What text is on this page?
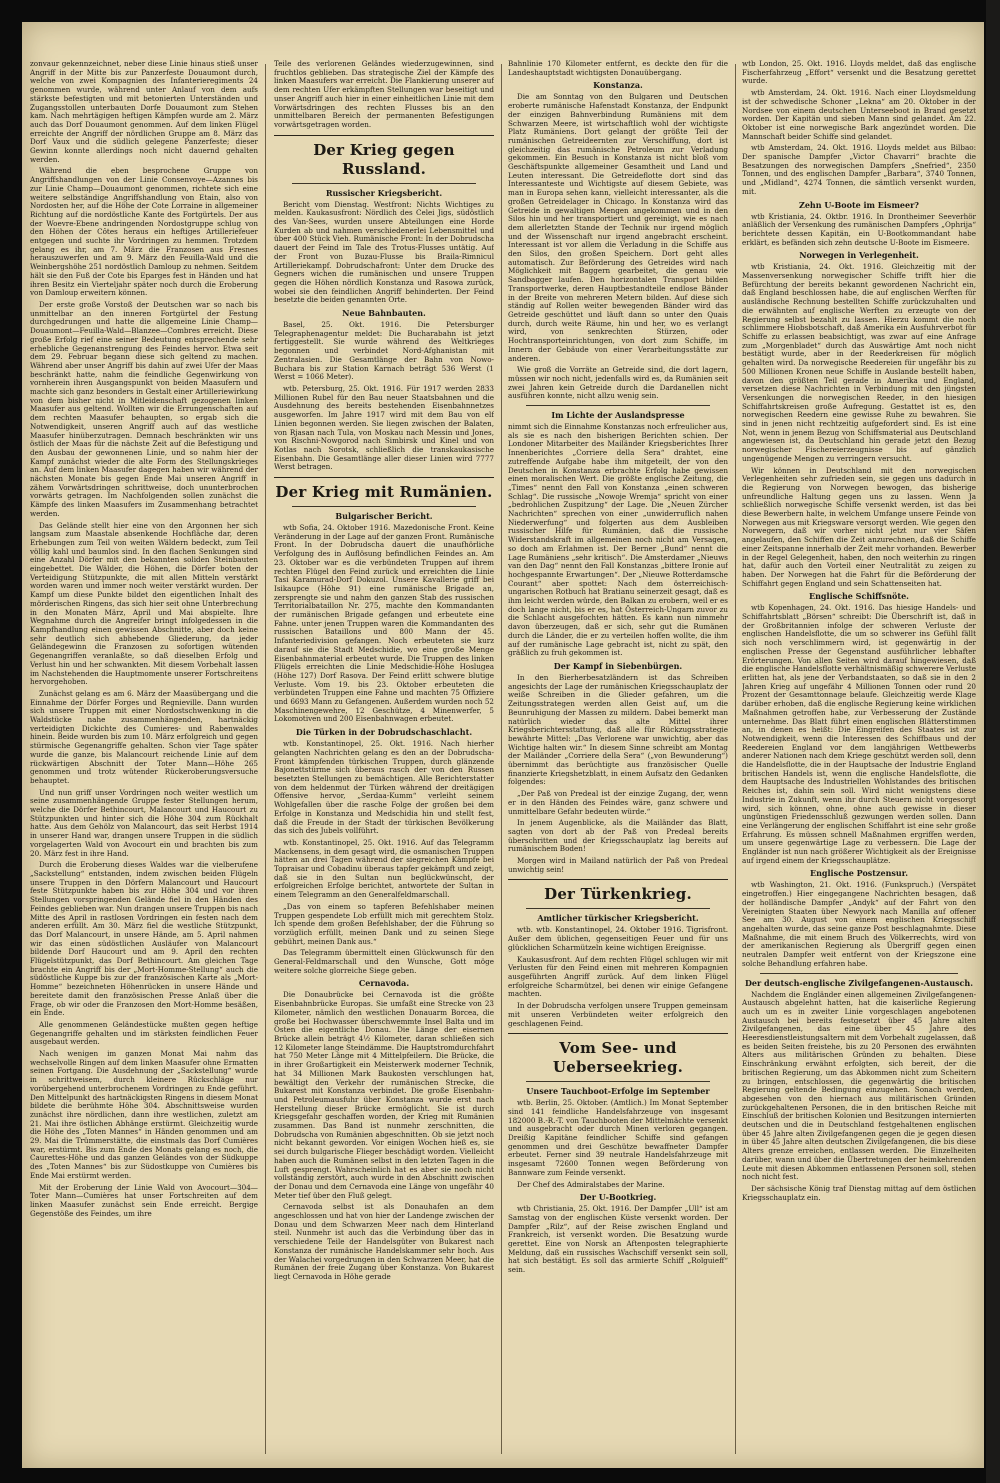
zonvaur gekennzeichnet, neber diese Linie hinaus stieß unser Angriff in der Mitte bis zur Panzerfeste Douaumont durch, welche von zwei Kompagnien des Infanterieregiments 24 genommen wurde, während unter Anlauf von dem aufs stärkste befestigten und mit betonierten Unterständen und Zugangsstollen unterbauten Dorfe Douaumont zum Stehen kam. Nach mehrtägigen heftigen Kämpfen wurde am 2. März auch das Dorf Douaumont genommen. Auf dem linken Flügel erreichte der Angriff der nördlichen Gruppe am 8. März das Dorf Vaux und die südlich gelegene Panzerfeste; dieser Gewinn konnte allerdings noch nicht dauernd gehalten werden.

Während die eben besprochene Gruppe von Angriffshandlungen von der Linie Consenvoye—Azannes bis zur Linie Champ—Douaumont genommen, richtete sich eine weitere selbständige Angriffshandlung von Etain, also von Nordosten her, auf die Höhe der Cote Lorraine in allgemeiner Richtung auf die nordöstliche Kante des Fortgürtels. Der aus der Woevre-Ebene andringenden Nordostgruppe schlug von den Höhen der Côtes heraus ein heftiges Artilleriefeuer entgegen und suchte ihr Vordringen zu hemmen. Trotzdem gelang es ihr, am 7. März die Franzosen aus Fresnes herauszuwerfen und am 9. März den Feuilla-Wald und die Weinbergshöhe 251 nordöstlich Damloup zu nehmen. Seitdem hält sie den Fuß der Cote bis Eparges fest in Händen und hat ihren Besitz ein Vierteljahr später noch durch die Eroberung von Damloup erweitern können.

Der erste große Vorstoß der Deutschen war so nach bis unmittelbar an den inneren Fortgürtel der Festung durchgedrungen und hatte die allgemeine Linie Champ—Douaumont—Feuilla-Wald—Blanzee—Combres erreicht. Diese große Erfolg rief eine seiner Bedeutung entsprechende sehr erhebliche Gegenanstrengung des Feindes hervor. Etwa seit dem 29. Februar begann diese sich geltend zu machen. Während aber unser Angriff bis dahin auf zwei Ufer der Maas beschränkt hatte, nahm die feindliche Gegenwirkung von vornherein ihren Ausgangspunkt von beiden Maasufern und machte sich ganz besonders in Gestalt einer Artilleriewirkung von dem bisher nicht in Mitleidenschaft gezogenen linken Maasufer aus geltend. Wollten wir die Errungenschaften auf dem rechten Maasufer behaupten, so ergab sich die Notwendigkeit, unseren Angriff auch auf das westliche Maasufer hinüberzutragen. Demnach beschränkten wir uns östlich der Maas für die nächste Zeit auf die Befestigung und den Ausbau der gewonnenen Linie, und so nahm hier der Kampf zunächst wieder die alte Form des Stellungskrieges an. Auf dem linken Maasufer dagegen haben wir während der nächsten Monate bis gegen Ende Mai unseren Angriff in zähem Vorwärtsdringen schrittweise, doch ununterbrochen vorwärts getragen. Im Nachfolgenden sollen zunächst die Kämpfe des linken Maasufers im Zusammenhang betrachtet werden.

Das Gelände stellt hier eine von den Argonnen her sich langsam zum Maastale absenkende Hochfläche dar, deren Erhebungen zum Teil von weiten Wäldern bedeckt, zum Teil völlig kahl und baumlos sind. In den flachen Senkungen sind eine Anzahl Dörfer mit den bekannten soliden Steinbauten eingebettet. Die Wälder, die Höhen, die Dörfer boten der Verteidigung Stützpunkte, die mit allen Mitteln verstärkt worden waren und immer noch weiter verstärkt wurden. Der Kampf um diese Punkte bildet den eigentlichen Inhalt des mörderischen Ringens, das sich hier seit ohne Unterbrechung in den Monaten März, April und Mai abspielte. Ihre Wegnahme durch die Angreifer bringt infolgedessen in die Kampfhandlung einen gewissen Abschnitte, aber doch keine sehr deutlich sich abhebende Gliederung, da jeder Geländegewinn die Franzosen zu sofortigen wütenden Gegenangriffen veranlaßte, so daß dieselben Erfolg und Verlust hin und her schwankten. Mit diesem Vorbehalt lassen im Nachstehenden die Hauptmomente unserer Fortschreitens hervorgehoben.

Zunächst gelang es am 6. März der Maasübergang und die Einnahme der Dörfer Forges und Regnieville. Dann wurden sich unsere Truppen mit einer Nordostschwenkung in die Waldstücke nahe zusammenhängenden, hartnäckig verteidigten Dickichte des Cumieres- und Rabenwaldes hinein. Beide wurden bis zum 10. März erfolgreich und gegen stürmische Gegenangriffe gehalten. Schon vier Tage später wurde die ganze, bis Malancourt reichende Linie auf dem rückwärtigen Abschnitt der Toter Mann—Höhe 265 genommen und trotz wütender Rückeroberungsversuche behauptet.

Und nun griff unser Vordringen noch weiter westlich um seine zusammenhängende Gruppe fester Stellungen herum, welche die Dörfer Bethincourt, Malancourt und Haucourt zu Stützpunkten und hinter sich die Höhe 304 zum Rückhalt hatte. Aus dem Gehölz von Malancourt, das seit Herbst 1914 in unserer Hand war, drangen unsere Truppen in die südlich vorgelagerten Wald von Avocourt ein und brachten bis zum 20. März fest in ihre Hand.

Durch die Eroberung dieses Waldes war die vielberufene „Sackstellung“ entstanden, indem zwischen beiden Flügeln unsere Truppen in den Dörfern Malancourt und Haucourt feste Stützpunkte haben bis zur Höhe 304 und vor ihren Stellungen vorspringenden Gelände fiel in den Händen des Feindes geblieben war. Nun drangen unsere Truppen bis nach Mitte des April in rastlosen Vordringen ein festen nach dem anderen erfüllt. Am 30. März fiel die westliche Stützpunkt, das Dorf Malancourt, in unsere Hände, am 5. April nahmen wir das einen südöstlichen Ausläufer von Malancourt bildende Dorf Haucourt und am 9. April den rechten Flügelstützpunkt, das Dorf Bethincourt. Am gleichen Tage brachte ein Angriff bis der „Mort-Homme-Stellung“ auch die südöstliche Kuppe bis zur der französischen Karte als „Mort-Homme“ bezeichneten Höhenrücken in unsere Hände und bereitete damit den französischen Presse Anlaß über die Frage, ob wir oder die Franzosen den Mort-Homme besäßen, ein Ende.

Alle genommenen Geländestücke mußten gegen heftige Gegenangriffe gehalten und im stärksten feindlichen Feuer ausgebaut werden.

Nach wenigen im ganzen Monat Mai nahm das wechselvolle Ringen auf dem linken Maasufer ohne Ermatten seinen Fortgang. Die Ausdehnung der „Sackstellung“ wurde in schrittweisem, durch kleinere Rückschläge nur vorübergehend unterbrochenem Vordringen zu Ende geführt. Den Mittelpunkt des hartnäckigsten Ringens in diesem Monat bildete die berühmte Höhe 304. Abschnittsweise wurden zunächst ihre nördlichen, dann ihre westlichen, zuletzt am 21. Mai ihre östlichen Abhänge erstürmt. Gleichzeitig wurde die Höhe des „Toten Mannes“ in Händen genommen und am 29. Mai die Trümmerstätte, die einstmals das Dorf Cumières war, erstürmt. Bis zum Ende des Monats gelang es noch, die Caurettes-Höhe und das ganzen Geländes von der Südkuppe des „Toten Mannes“ bis zur Südostkuppe von Cumières bis Ende Mai erstürmt werden.

Mit der Eroberung der Linie Wald von Avocourt—304—Toter Mann—Cumières hat unser Fortschreiten auf dem linken Maasufer zunächst sein Ende erreicht. Bergige Gegenstöße des Feindes, um ihre

Teile des verlorenen Geländes wiederzugewinnen, sind fruchtlos geblieben. Das strategische Ziel der Kämpfe des linken Maasufers war erreicht. Die Flankierung unserer auf dem rechten Ufer erkämpften Stellungen war beseitigt und unser Angriff auch hier in einer einheitlichen Linie mit dem Vorwärtsdringen des rechten Flusses bis an den unmittelbaren Bereich der permanenten Befestigungen vorwärtsgetragen worden.

Der Krieg gegen Russland.
Russischer Kriegsbericht.

Bericht vom Dienstag. Westfront: Nichts Wichtiges zu melden. Kaukasusfront: Nördlich des Celei Jigs, südöstlich des Van-Sees, wurden unsere Abteilungen eine Horde Kurden ab und nahmen verschiedenerlei Lebensmittel und über 400 Stück Vieh. Rumänische Front: In der Dobrudscha dauert der Feind im Tale des Trotus-Flusses untätig. Auf der Front von Buzau-Flusse bis Braila-Rimnicul Artilleriekampf. Dobrudschafront: Unter dem Drucke des Gegners wichen die rumänischen und unsere Truppen gegen die Höhen nördlich Konstanza und Rasowa zurück, wobei sie den feindlichen Angriff behinderten. Der Feind besetzte die beiden genannten Orte.

Neue Bahnbauten.

Basel, 25. Okt. 1916. Die Petersburger Telegraphenagentur meldet: Die Bucharabahn ist jetzt fertiggestellt. Sie wurde während des Weltkrieges begonnen und verbindet Nord-Afghanistan mit Zentralasien. Die Gesamtlänge der Bahn von Nowo-Buchara bis zur Station Karnach beträgt 536 Werst (1 Werst = 1066 Meter).

wtb. Petersburg, 25. Okt. 1916. Für 1917 werden 2833 Millionen Rubel für den Bau neuer Staatsbahnen und die Ausdehnung des bereits bestehenden Eisenbahnnetzes ausgeworfen. Im Jahre 1917 wird mit dem Bau von elf Linien begonnen werden. Sie liegen zwischen der Balaten, von Rjasan nach Tula, von Moskau nach Messin und Jones, von Rischni-Nowgorod nach Simbirsk und Kinel und von Kotlas nach Sorotsk, schließlich die transkaukasische Eisenbahn. Die Gesamtlänge aller dieser Linien wird 7777 Werst betragen.

Der Krieg mit Rumänien.
Bulgarischer Bericht.

wtb Sofia, 24. Oktober 1916. Mazedonische Front. Keine Veränderung in der Lage auf der ganzen Front. Rumänische Front. In der Dobrudscha dauert die unaufhörliche Verfolgung des in Auflösung befindlichen Feindes an. Am 23. Oktober war es die verbündeten Truppen auf ihrem rechten Flügel den Feind zurück und erreichten die Linie Tasi Karamurad-Dorf Dokuzol. Unsere Kavallerie griff bei Isikaupce (Höhe 91) eine rumänische Brigade an, zersprengte sie und nahm den ganzen Stab des russischen Territorialbataillon Nr. 275, machte den Kommandanten der rumänischen Brigade gefangen und erbeutete eine Fahne. unter jenen Truppen waren die Kommandanten des russischen Bataillons und 800 Mann der 45. Infanteriedivision gefangen. Noch erbeuteten sie kurz darauf sie die Stadt Medschidie, wo eine große Menge Eisenbahnmaterial erbeutet wurde. Die Truppen des linken Flügels erreichten die Linie Medschidie-Höhe Hoslugea (Höhe 127) Dorf Rasova. Der Feind erlitt schwere blutige Verluste. Vom 19. bis 23. Oktober erbeuteten die verbündeten Truppen eine Fahne und machten 75 Offiziere und 6693 Mann zu Gefangenen. Außerdem wurden noch 52 Maschinengewehre, 12 Geschütze, 4 Minenwerfer, 5 Lokomotiven und 200 Eisenbahnwagen erbeutet.

Die Türken in der Dobrudschaschlacht.

wtb. Konstantinopel, 25. Okt. 1916. Nach hierher gelangten Nachrichten gelang es den an der Dobrudscha-Front kämpfenden türkischen Truppen, durch glänzende Bajonettstürme sich überaus rasch der von den Russen besetzten Stellungen zu bemächtigen. Alle Berichterstatter von dem heldenmut der Türken während der dreitägigen Offensive hervor, „Serdaa-Kumm“ verleiht seinem Wohlgefallen über die rasche Folge der großen bei dem Erfolge in Konstanza und Medschidia hin und stellt fest, daß die Freude in der Stadt der türkischen Bevölkerung das sich des Jubels vollführt.

wtb. Konstantinopel, 25. Okt. 1916. Auf das Telegramm Mackensens, in dem gesagt wird, die osmanischen Truppen hätten an drei Tagen während der siegreichen Kämpfe bei Topraisar und Cobadinu überaus tapfer gekämpft und zeigt, daß sie in den Sultan nun beglückwünscht, der erfolgreichen Erfolge berichtet, antwortete der Sultan in einem Telegramm an den Generalfeldmarschall.

„Das von einem so tapferen Befehlshaber meinen Truppen gespendete Lob erfüllt mich mit gerechtem Stolz. Ich spende dem großen Befehlshaber, der die Führung so vorzüglich erfüllt, meinen Dank und zu seinen Siege gebührt, meinen Dank aus.“

Das Telegramm übermittelt einen Glückwunsch für den General-Feldmarschall und den Wunsche, Gott möge weitere solche glorreiche Siege geben.

Cernavoda.

Die Donaubrücke bei Cernavoda ist die größte Eisenbahnbrücke Europas. Sie umfaßt eine Strecke von 23 Kilometer, nämlich den westlichen Donauarm Borcea, die große bei Hochwasser überschwemmte Insel Balta und im Osten die eigentliche Donau. Die Länge der eisernen Brücke allein beträgt 4½ Kilometer, daran schließen sich 12 Kilometer lange Steindämme. Die Hauptstromdurchfahrt hat 750 Meter Länge mit 4 Mittelpfeilern. Die Brücke, die in ihrer Großartigkeit ein Meisterwerk moderner Technik, hat 34 Millionen Mark Baukosten verschlungen hat, bewältigt den Verkehr der rumänischen Strecke, die Bukarest mit Konstanza verbindet. Die große Eisenbahn- und Petroleumausfuhr über Konstanza wurde erst nach Herstellung dieser Brücke ermöglicht. Sie ist durch Kriegsgefahr geschaffen worden, der Krieg mit Rumänien zusammen. Das Band ist nunmehr zerschnitten, die Dobrudscha von Rumänien abgeschnitten. Ob sie jetzt noch nicht bekannt geworden. Vor einigen Wochen hieß es, sie sei durch bulgarische Flieger beschädigt worden. Vielleicht haben auch die Rumänen selbst in den letzten Tagen in die Luft gesprengt. Wahrscheinlich hat es aber sie noch nicht vollständig zerstört, auch wurde in den Abschnitt zwischen der Donau und dem Cernavoda eine Länge von ungefähr 40 Meter tief über den Fluß gelegt.

Cernavoda selbst ist als Donauhafen an dem angeschlossen und hat von hier der Landenge zwischen der Donau und dem Schwarzen Meer nach dem Hinterland steil. Nunmehr ist auch das die Verbindung über das in verschiedene Teile der Handelsgüter von Bukarest nach Konstanza der rumänische Handelskammer sehr hoch. Aus der Walachei vorgedrungen in den Schwarzen Meer, hat die Rumänen der freie Zugang über Konstanza. Von Bukarest liegt Cernavoda in Höhe gerade

Bahnlinie 170 Kilometer entfernt, es deckte den für die Landeshauptstadt wichtigsten Donauübergang.

Konstanza.

Die am Sonntag von den Bulgaren und Deutschen eroberte rumänische Hafenstadt Konstanza, der Endpunkt der einzigen Bahnverbindung Rumäniens mit dem Schwarzen Meere, ist wirtschaftlich wohl der wichtigste Platz Rumäniens. Dort gelangt der größte Teil der rumänischen Getreideernten zur Verschiffung, dort ist gleichzeitig das rumänische Petroleum zur Verladung gekommen. Ein Besuch in Konstanza ist nicht bloß vom Geschäftspunkte allgemeiner Gesamtheit und Land und Leuten interessant. Die Getreideflotte dort sind das Interessanteste und Wichtigste auf diesem Gebiete, was man in Europa sehen kann, vielleicht interessanter, als die großen Getreidelager in Chicago. In Konstanza wird das Getreide in gewaltigen Mengen angekommen und in den Silos hin und her transportiert und gereinigt, wie es nach dem allerletzten Stande der Technik nur irgend möglich und der Wissenschaft nur irgend angebracht erscheint. Interessant ist vor allem die Verladung in die Schiffe aus den Silos, den großen Speichern. Dort geht alles automatisch. Zur Beförderung des Getreides wird nach Möglichkeit mit Baggern gearbeitet, die genau wie Sandbagger laufen. Den horizontalen Transport bilden Transportwerke, deren Hauptbestandteile endlose Bänder in der Breite von mehreren Metern bilden. Auf diese sich ständig auf Rollen weiter bewegenden Bänder wird das Getreide geschüttet und läuft dann so unter den Quais durch, durch weite Räume, hin und her, wo es verlangt wird, von senkrechten Stürzen, oder Hochtransporteinrichtungen, von dort zum Schiffe, im Innern der Gebäude von einer Verarbeitungsstätte zur anderen.

Wie groß die Vorräte an Getreide sind, die dort lagern, müssen wir noch nicht, jedenfalls wird es, da Rumänien seit zwei Jahren kein Getreide durch die Dardanellen nicht ausführen konnte, nicht allzu wenig sein.

Im Lichte der Auslandspresse

nimmt sich die Einnahme Konstanzas noch erfreulicher aus, als sie es nach den bisherigen Berichten schien. Der Londoner Mitarbeiter des Mailänder Kriegsberichtes Ihrer Innenberichtes „Corriere della Sera“ drahtet, eine zutreffende Aufgabe habe ihm mitgeteilt, der von den Deutschen in Konstanza erbrachte Erfolg habe gewissen einen moralischen Wert. Die größte englische Zeitung, die „Times“ nennt den Fall von Konstanza „einen schweren Schlag“. Die russische „Nowoje Wremja“ spricht von einer „bedrohlichen Zuspitzung“ der Lage. Die „Neuen Zürcher Nachrichten“ sprechen von einer „unwiderruflich nahen Niederwerfung“ und folgerten aus dem Ausbleiben russischer Hilfe für Rumänien, daß die russische Widerstandskraft im allgemeinen noch nicht am Versagen, so doch am Erlahmen ist. Der Berner „Bund“ nennt die Lage Rumäniens „sehr kritisch“. Die Amsterdamer „Nieuws van den Dag“ nennt den Fall Konstanzas „bittere Ironie auf hochgespannte Erwartungen“. Der „Nieuwe Rotterdamsche Courant“ aber spottet: Nach dem österreichisch-ungarischen Rotbuch hat Bratianu seinerzeit gesagt, daß es ihm leicht werden würde, den Balkan zu erobern, weil er es doch lange nicht, bis er es, hat Österreich-Ungarn zuvor zu die Schlacht ausgefochten hätten. Es kann nun nimmehr davon überzeugen, daß er sich, sehr gut die Rumänen durch die Länder, die er zu verteilen hoffen wollte, die ihm auf der rumänische Lage gebracht ist, nicht zu spät, den gräßlich zu fruh gekommen ist.

Der Kampf in Siebenbürgen.

In den Bierherbesatzländern ist das Schreiben angesichts der Lage der rumänischen Kriegsschauplatz der weiße Schreiben in die Glieder gefahren, um die Zeitungsstrategen werden allen Geist auf, um die Beunruhigung der Massen zu mildern. Dabei bemerkt man natürlich wieder das alte Mittel ihrer Kriegsberichtersstattung, daß alle für Rückzugsstrategie bewährte Mittel: „Das Verlorene war unwichtig, aber das Wichtige halten wir.“ In diesem Sinne schreibt am Montag der Mailänder „Corriere della Sera“ („von Bewunderung“) übernimmt das berüchtigte aus französischer Quelle finanzierte Kriegshetzblatt, in einem Aufsatz den Gedanken folgendes:

„Der Paß von Predeal ist der einzige Zugang, der, wenn er in den Händen des Feindes wäre, ganz schwere und unmittelbare Gefahr bedeuten würde.“

In jenem Augenblicke, als die Mailänder das Blatt, sagten von dort ab der Paß von Predeal bereits überschritten und der Kriegsschauplatz lag bereits auf rumänischem Boden!

Morgen wird in Mailand natürlich der Paß von Predeal unwichtig sein!

Der Türkenkrieg.
Amtlicher türkischer Kriegsbericht.

wtb. wtb. Konstantinopel, 24. Oktober 1916. Tigrisfront. Außer dem üblichen, gegenseitigen Feuer und für uns glücklichen Scharmützeln keine wichtigen Ereignisse.

Kaukasusfront. Auf dem rechten Flügel schlugen wir mit Verlusten für den Feind einen mit mehreren Kompagnien ausgeführten Angriff zurück. Auf dem linken Flügel erfolgreiche Scharmützel, bei denen wir einige Gefangene machten.

In der Dobrudscha verfolgen unsere Truppen gemeinsam mit unseren Verbündeten weiter erfolgreich den geschlagenen Feind.

Vom See- und Ueberseekrieg.
Unsere Tauchboot-Erfolge im September

wtb. Berlin, 25. Oktober. (Amtlich.) Im Monat September sind 141 feindliche Handelsfahrzeuge von insgesamt 182000 B.-R.-T. von Tauchbooten der Mittelmächte versenkt und ausgebracht oder durch Minen verloren gegangen. Dreißig Kapitäne feindlicher Schiffe sind gefangen genommen und drei Geschütze bewaffneter Dampfer erbeutet. Ferner sind 39 neutrale Handelsfahrzeuge mit insgesamt 72600 Tonnen wegen Beförderung von Bannware zum Feinde versenkt.

Der Chef des Admiralstabes der Marine.

Der U-Bootkrieg.

wtb Christiania, 25. Okt. 1916. Der Dampfer „Ull“ ist am Samstag von der englischen Küste versenkt worden. Der Dampfer „Rilz“, auf der Reise zwischen England und Frankreich, ist versenkt worden. Die Besatzung wurde gerettet. Eine von Norsk an Aftenposten telegraphierte Meldung, daß ein russisches Wachschiff versenkt sein soll, hat sich bestätigt. Es soll das armierte Schiff „Rolguieff“ sein.

wtb London, 25. Okt. 1916. Lloyds meldet, daß das englische Fischerfahrzeug „Effort“ versenkt und die Besatzung gerettet wurde.

wtb Amsterdam, 24. Okt. 1916. Nach einer Lloydsmeldung ist der schwedische Schoner „Lekna“ am 20. Oktober in der Nordsee von einem deutschen Unterseeboot in Brand gesetzt worden. Der Kapitän und sieben Mann sind gelandet. Am 22. Oktober ist eine norwegische Bark angezündet worden. Die Mannschaft beider Schiffe sind gelandet.

wtb Amsterdam, 24. Okt. 1916. Lloyds meldet aus Bilbao: Der spanische Dampfer „Victor Chavarri“ brachte die Besatzungen des norwegischen Dampfers „Snefried“, 2350 Tonnen, und des englischen Dampfer „Barbara“, 3740 Tonnen, und „Midland“, 4274 Tonnen, die sämtlich versenkt wurden, mit.

Zehn U-Boote im Eismeer?

wtb Kristiania, 24. Oktbr. 1916. In Drontheimer Seeverhör anläßlich der Versenkung des rumänischen Dampfers „Ophrija“ berichtete dessen Kapitän, ein U-Bootkommandant habe erklärt, es befänden sich zehn deutsche U-Boote im Eismeere.

Norwegen in Verlegenheit.

wtb Kristiania, 24. Okt. 1916. Gleichzeitig mit der Massenversenkung norwegischer Schiffe trifft hier die Befürchtung der bereits bekannt gewordenen Nachricht ein, daß England beschlossen habe, die auf englischen Werften für ausländische Rechnung bestellten Schiffe zurückzuhalten und die erwähnten auf englische Werften zu erzeugte von der Regierung selbst bezahlt zu lassen. Hierzu kommt die noch schlimmere Hiobsbotschaft, daß Amerika ein Ausfuhrverbot für Schiffe zu erlassen beabsichtigt, was zwar auf eine Anfrage zum „Morgenbladet“ durch das Auswärtige Amt noch nicht bestätigt wurde, aber in der Reederkreisen für möglich gehalten wird. Da norwegische Reedereien für ungefähr bis zu 500 Millionen Kronen neue Schiffe in Auslande bestellt haben, davon den größten Teil gerade in Amerika und England, versetzen diese Nachrichten in Verbindung mit den jüngsten Versenkungen die norwegischen Reeder, in den hiesigen Schiffahrtskreisen große Aufregung. Gestattet ist es, den norwegischen Reedern eine gewisse Ruhe zu bewahren. Sie sind in jenen nicht rechtzeitig aufgefordert sind. Es ist eine Not, wenn in jenem Bezug von Schiffsmaterial aus Deutschland angewiesen ist, da Deutschland hin gerade jetzt den Bezug norwegischer Fischereierzeugnisse bis auf gänzlich ungenügende Mengen zu verringern versucht.

Wir können in Deutschland mit den norwegischen Verlegenheiten sehr zufrieden sein, sie gegen uns dadurch in die Regierung von Norwegen bewogen, das bisherige unfreundliche Haltung gegen uns zu lassen. Wenn Ja schließlich norwegische Schiffe versenkt werden, ist das bei diese Bewerbern halte, in welchem Umfange unsere Feinde von Norwegen aus mit Kriegsware versorgt werden. Wie gegen den Norwegern, daß wir vorher nicht jetzt nur vier Säfen angelaufen, den Schiffen die Zeit anzurechnen, daß die Schiffe einer Zeitspanne innerhalb der Zeit mehr vorhanden. Bewerber in der Regel Gelegenheit, haben, den noch weiterhin zu ringen hat, dafür auch den Vorteil einer Neutralität zu zeigen zu haben. Der Norwegen hat die Fahrt für die Beförderung der Schiffahrt gegen England und sein Schattenseiten hat.

Englische Schiffsnöte.

wtb Kopenhagen, 24. Okt. 1916. Das hiesige Handels- und Schiffahrtsblatt „Börsen“ schreibt: Die Überschrift ist, daß in der Großbritannien infolge der schweren Verluste der englischen Handelsflotte, die um so schwerer ins Gefühl fällt sich noch verschlimmern wird, ist gegenwärtig in der englischen Presse der Gegenstand ausführlicher lebhafter Erörterungen. Von allen Seiten wird darauf hingewiesen, daß die englische Handelsflotte verhältnismäßig schwerere Verluste erlitten hat, als jene der Verbandstaaten, so daß sie in den 2 Jahren Krieg auf ungefähr 4 Millionen Tonnen oder rund 20 Prozent der Gesamttonnage belaufe. Gleichzeitig werde Klage darüber erhoben, daß die englische Regierung keine wirklichen Maßnahmen getroffen habe, zur Verbesserung der Zustände unternehme. Das Blatt führt einen englischen Blätterstimmen an, in denen es heißt: Die Eingreifen des Staates ist zur Notwendigkeit, wenn die Interessen des Schiffbaus und der Reedereien England vor dem langjährigen Wettbewerbs anderer Nationen nach dem Kriege geschützt werden soll, denn die Handelsflotte, die in der Hauptsache der Industrie England britischen Handels ist, wenn die englische Handelsflotte, die dem Hauptsache des Industriellen Wohlstandes des britischen Reiches ist, dahin sein soll. Wird nicht wenigstens diese Industrie in Zukunft, wenn ihr durch Steuern nicht vorgesorgt wird, sich können, ohne, ohne auch gewisse in dieser ungünstigen Friedensschluß gezwungen werden sollen. Dann eine Verlängerung der englischen Schiffahrt ist eine sehr große Erfahrung. Es müssen schnell Maßnahmen ergriffen werden, um unsere gegenwärtige Lage zu verbessern. Die Lage der Engländer ist nun nach größerer Wichtigkeit als der Ereignisse auf irgend einem der Kriegsschauplätze.

Englische Postzensur.

wtb Washington, 21. Okt. 1916. (Funkspruch.) (Verspätet eingetroffen.) Hier eingegangene Nachrichten besagen, daß der holländische Dampfer „Andyk“ auf der Fahrt von den Vereinigten Staaten über Newyork nach Manilla auf offener See am 30. August von einem englischen Kriegsschiff angehalten wurde, das seine ganze Post beschlagnahmte. Diese Maßnahme, die mit einem Bruch des Völkerrechts, wird von der amerikanischen Regierung als Übergriff gegen einen neutralen Dampfer weit entfernt von der Kriegszone eine solche Behandlung erfahren habe.

Der deutsch-englische Zivilgefangenen-Austausch.

Nachdem die Engländer einen allgemeinen Zivilgefangenen-Austausch abgelehnt hatten, hat die kaiserliche Regierung auch um es in zweiter Linie vorgeschlagen angebotenen Austausch bei bereits festgesetzt über 45 Jahre alten Zivilgefangenen, das eine über 45 Jahre des Heeresdienstleistungsaltern mit dem Vorbehalt zugelassen, daß es beiden Seiten freistehe, bis zu 20 Personen des erwähnten Alters aus militärischen Gründen zu behalten. Diese Einschränkung erwähnt erfolgten, sich bereit, der die britischen Regierung, um das Abkommen nicht zum Scheitern zu bringen, entschlossen, die gegenwärtig die britischen Regierung geltende Bedingung einzugehen. Sonach werden, abgesehen von den hiernach aus militärischen Gründen zurückgehaltenen Personen, die in den britischen Reiche mit Einschluß der britischen Kolonien und Besitzungen internierten deutschen und die in Deutschland festgehaltenen englischen über 45 Jahre alten Zivilgefangenen gegen die je gegen diesen in über 45 Jahre alten deutschen Zivilgefangenen, die bis diese Alters grenze erreichen, entlassen werden. Die Einzelheiten darüber, wann und über die Übertretungen der heimkehrenden Leute mit diesen Abkommen entlassenen Personen soll, stehen noch nicht fest.

Der sächsische König traf Dienstag mittag auf dem östlichen Kriegsschauplatz ein.
